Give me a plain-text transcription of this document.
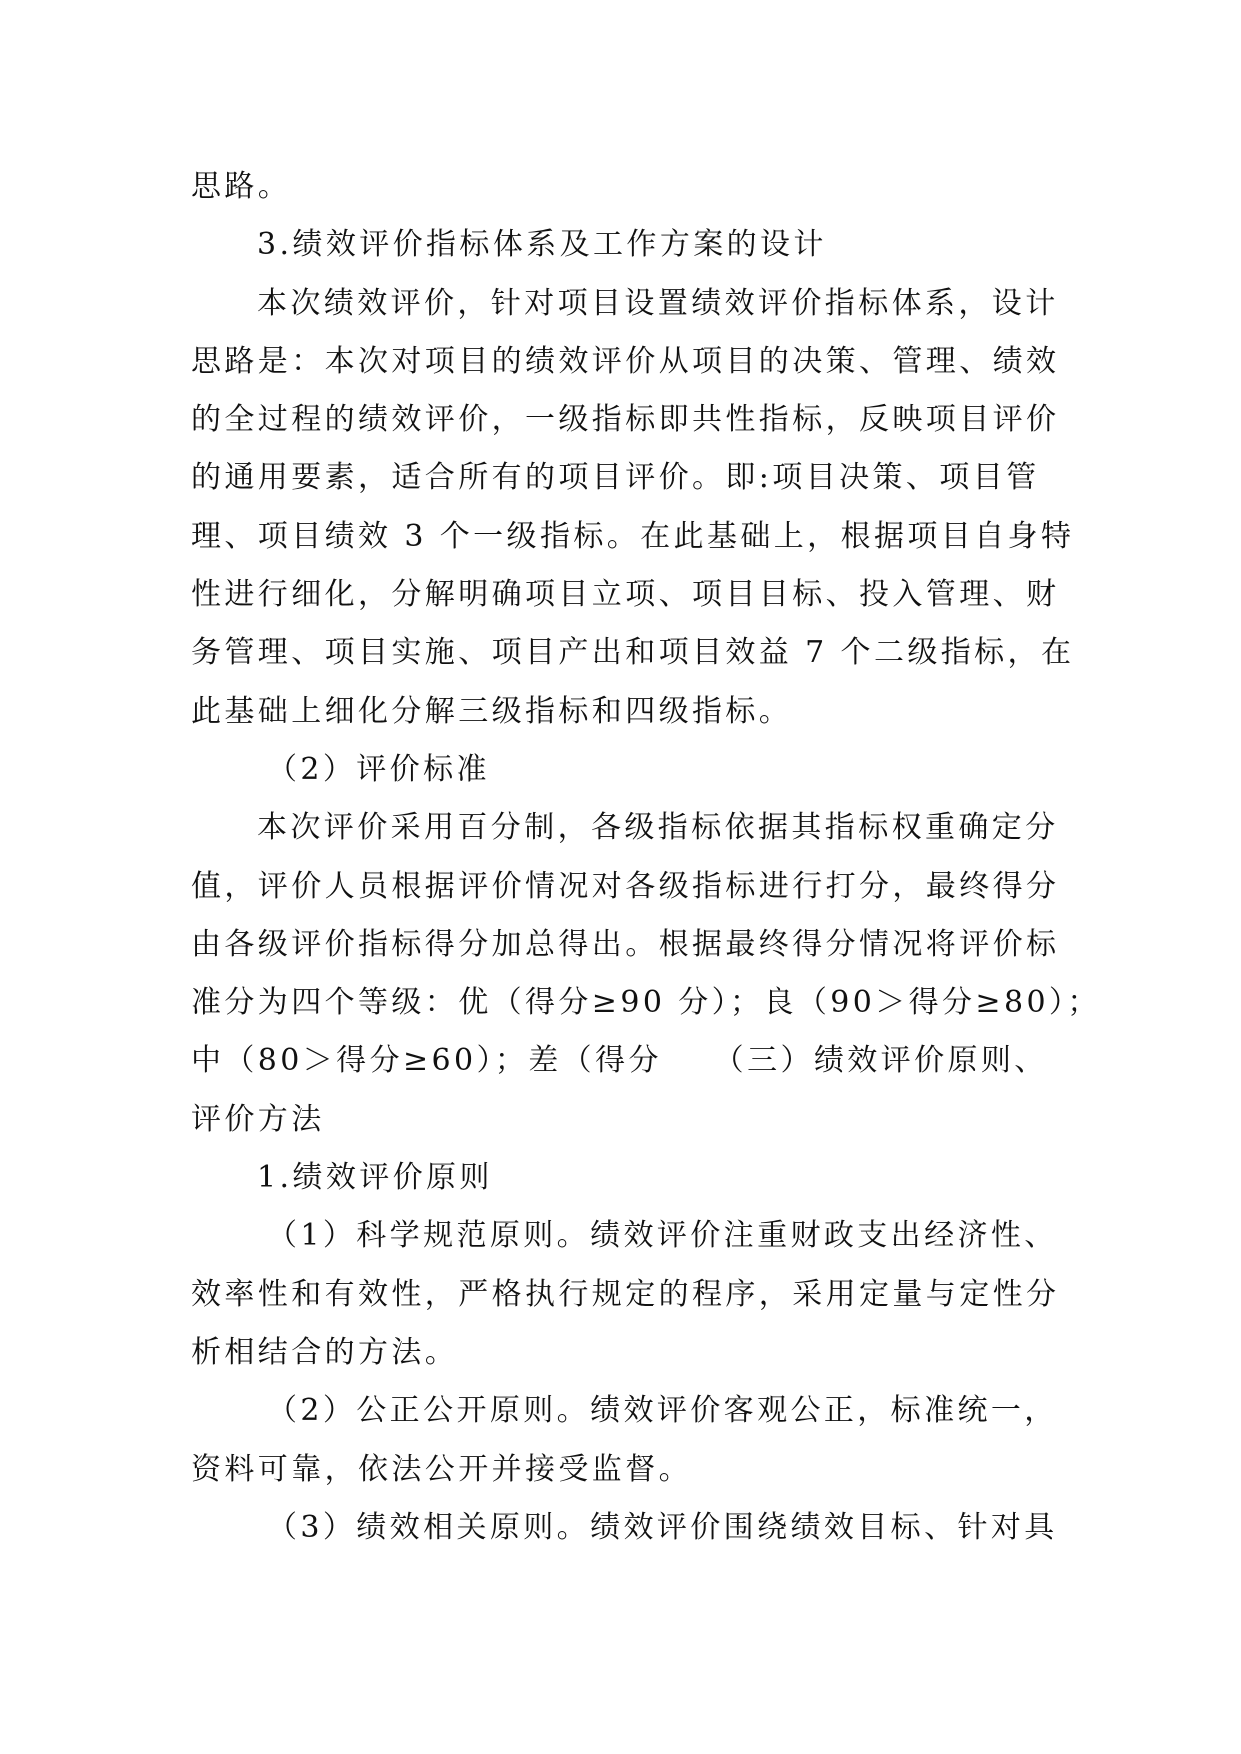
思路。

3.绩效评价指标体系及工作方案的设计

本次绩效评价，针对项目设置绩效评价指标体系，设计

思路是：本次对项目的绩效评价从项目的决策、管理、绩效

的全过程的绩效评价，一级指标即共性指标，反映项目评价

的通用要素，适合所有的项目评价。即:项目决策、项目管

理、项目绩效 3 个一级指标。在此基础上，根据项目自身特

性进行细化，分解明确项目立项、项目目标、投入管理、财

务管理、项目实施、项目产出和项目效益 7 个二级指标，在

此基础上细化分解三级指标和四级指标。

（2）评价标准

本次评价采用百分制，各级指标依据其指标权重确定分

值，评价人员根据评价情况对各级指标进行打分，最终得分

由各级评价指标得分加总得出。根据最终得分情况将评价标

准分为四个等级：优（得分≥90 分）；良（90＞得分≥80）；

中（80＞得分≥60）；差（得分　　（三）绩效评价原则、

评价方法

1.绩效评价原则

（1）科学规范原则。绩效评价注重财政支出经济性、

效率性和有效性，严格执行规定的程序，采用定量与定性分

析相结合的方法。

（2）公正公开原则。绩效评价客观公正，标准统一，

资料可靠，依法公开并接受监督。

（3）绩效相关原则。绩效评价围绕绩效目标、针对具
